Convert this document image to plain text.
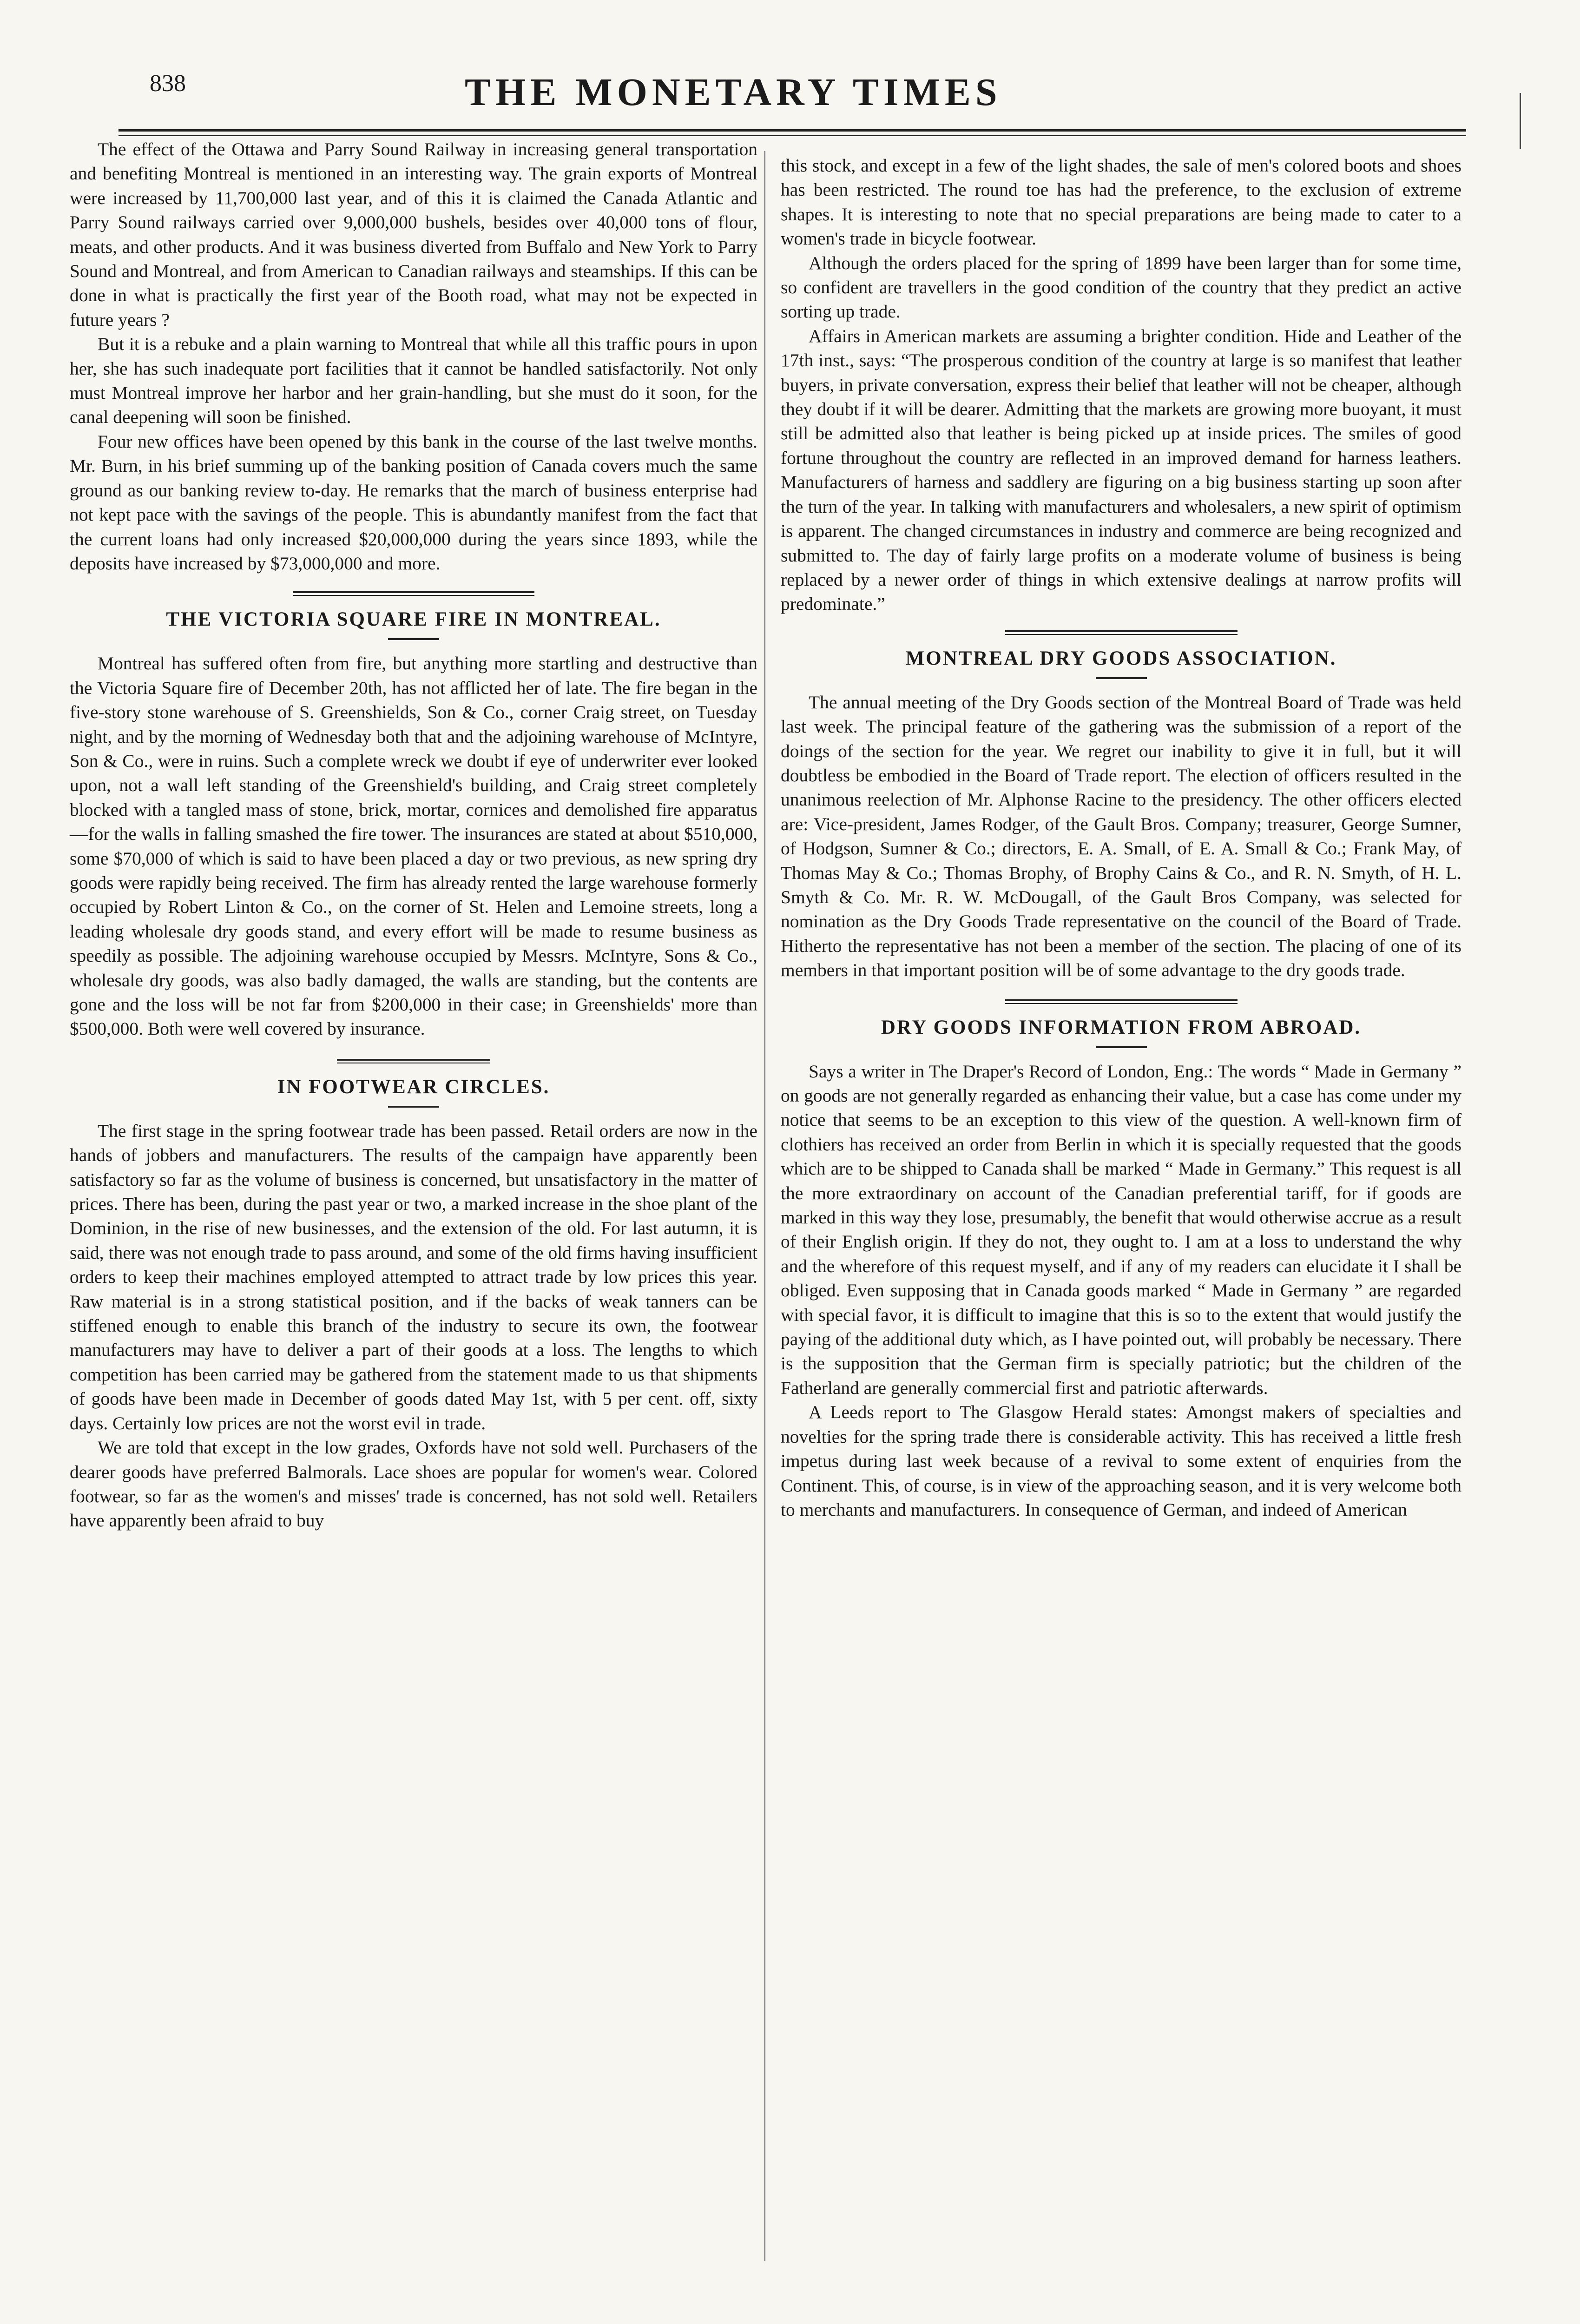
838	THE MONETARY TIMES

The effect of the Ottawa and Parry Sound Railway in increasing general transportation and benefiting Montreal is mentioned in an interesting way. The grain exports of Montreal were increased by 11,700,000 last year, and of this it is claimed the Canada Atlantic and Parry Sound railways carried over 9,000,000 bushels, besides over 40,000 tons of flour, meats, and other products. And it was business diverted from Buffalo and New York to Parry Sound and Montreal, and from American to Canadian railways and steamships. If this can be done in what is practically the first year of the Booth road, what may not be expected in future years ?

But it is a rebuke and a plain warning to Montreal that while all this traffic pours in upon her, she has such inadequate port facilities that it cannot be handled satisfactorily. Not only must Montreal improve her harbor and her grain-handling, but she must do it soon, for the canal deepening will soon be finished.

Four new offices have been opened by this bank in the course of the last twelve months. Mr. Burn, in his brief summing up of the banking position of Canada covers much the same ground as our banking review to-day. He remarks that the march of business enterprise had not kept pace with the savings of the people. This is abundantly manifest from the fact that the current loans had only increased $20,000,000 during the years since 1893, while the deposits have increased by $73,000,000 and more.

THE VICTORIA SQUARE FIRE IN MONTREAL.

Montreal has suffered often from fire, but anything more startling and destructive than the Victoria Square fire of December 20th, has not afflicted her of late. The fire began in the five-story stone warehouse of S. Greenshields, Son & Co., corner Craig street, on Tuesday night, and by the morning of Wednesday both that and the adjoining warehouse of McIntyre, Son & Co., were in ruins. Such a complete wreck we doubt if eye of underwriter ever looked upon, not a wall left standing of the Greenshield's building, and Craig street completely blocked with a tangled mass of stone, brick, mortar, cornices and demolished fire apparatus—for the walls in falling smashed the fire tower. The insurances are stated at about $510,000, some $70,000 of which is said to have been placed a day or two previous, as new spring dry goods were rapidly being received. The firm has already rented the large warehouse formerly occupied by Robert Linton & Co., on the corner of St. Helen and Lemoine streets, long a leading wholesale dry goods stand, and every effort will be made to resume business as speedily as possible. The adjoining warehouse occupied by Messrs. McIntyre, Sons & Co., wholesale dry goods, was also badly damaged, the walls are standing, but the contents are gone and the loss will be not far from $200,000 in their case; in Greenshields' more than $500,000. Both were well covered by insurance.

IN FOOTWEAR CIRCLES.

The first stage in the spring footwear trade has been passed. Retail orders are now in the hands of jobbers and manufacturers. The results of the campaign have apparently been satisfactory so far as the volume of business is concerned, but unsatisfactory in the matter of prices. There has been, during the past year or two, a marked increase in the shoe plant of the Dominion, in the rise of new businesses, and the extension of the old. For last autumn, it is said, there was not enough trade to pass around, and some of the old firms having insufficient orders to keep their machines employed attempted to attract trade by low prices this year. Raw material is in a strong statistical position, and if the backs of weak tanners can be stiffened enough to enable this branch of the industry to secure its own, the footwear manufacturers may have to deliver a part of their goods at a loss. The lengths to which competition has been carried may be gathered from the statement made to us that shipments of goods have been made in December of goods dated May 1st, with 5 per cent. off, sixty days. Certainly low prices are not the worst evil in trade.

We are told that except in the low grades, Oxfords have not sold well. Purchasers of the dearer goods have preferred Balmorals. Lace shoes are popular for women's wear. Colored footwear, so far as the women's and misses' trade is concerned, has not sold well. Retailers have apparently been afraid to buy

this stock, and except in a few of the light shades, the sale of men's colored boots and shoes has been restricted. The round toe has had the preference, to the exclusion of extreme shapes. It is interesting to note that no special preparations are being made to cater to a women's trade in bicycle footwear.

Although the orders placed for the spring of 1899 have been larger than for some time, so confident are travellers in the good condition of the country that they predict an active sorting up trade.

Affairs in American markets are assuming a brighter condition. Hide and Leather of the 17th inst., says: “The prosperous condition of the country at large is so manifest that leather buyers, in private conversation, express their belief that leather will not be cheaper, although they doubt if it will be dearer. Admitting that the markets are growing more buoyant, it must still be admitted also that leather is being picked up at inside prices. The smiles of good fortune throughout the country are reflected in an improved demand for harness leathers. Manufacturers of harness and saddlery are figuring on a big business starting up soon after the turn of the year. In talking with manufacturers and wholesalers, a new spirit of optimism is apparent. The changed circumstances in industry and commerce are being recognized and submitted to. The day of fairly large profits on a moderate volume of business is being replaced by a newer order of things in which extensive dealings at narrow profits will predominate.”

MONTREAL DRY GOODS ASSOCIATION.

The annual meeting of the Dry Goods section of the Montreal Board of Trade was held last week. The principal feature of the gathering was the submission of a report of the doings of the section for the year. We regret our inability to give it in full, but it will doubtless be embodied in the Board of Trade report. The election of officers resulted in the unanimous reelection of Mr. Alphonse Racine to the presidency. The other officers elected are: Vice-president, James Rodger, of the Gault Bros. Company; treasurer, George Sumner, of Hodgson, Sumner & Co.; directors, E. A. Small, of E. A. Small & Co.; Frank May, of Thomas May & Co.; Thomas Brophy, of Brophy Cains & Co., and R. N. Smyth, of H. L. Smyth & Co. Mr. R. W. McDougall, of the Gault Bros Company, was selected for nomination as the Dry Goods Trade representative on the council of the Board of Trade. Hitherto the representative has not been a member of the section. The placing of one of its members in that important position will be of some advantage to the dry goods trade.

DRY GOODS INFORMATION FROM ABROAD.

Says a writer in The Draper's Record of London, Eng.: The words “ Made in Germany ” on goods are not generally regarded as enhancing their value, but a case has come under my notice that seems to be an exception to this view of the question. A well-known firm of clothiers has received an order from Berlin in which it is specially requested that the goods which are to be shipped to Canada shall be marked “ Made in Germany.” This request is all the more extraordinary on account of the Canadian preferential tariff, for if goods are marked in this way they lose, presumably, the benefit that would otherwise accrue as a result of their English origin. If they do not, they ought to. I am at a loss to understand the why and the wherefore of this request myself, and if any of my readers can elucidate it I shall be obliged. Even supposing that in Canada goods marked “ Made in Germany ” are regarded with special favor, it is difficult to imagine that this is so to the extent that would justify the paying of the additional duty which, as I have pointed out, will probably be necessary. There is the supposition that the German firm is specially patriotic; but the children of the Fatherland are generally commercial first and patriotic afterwards.

A Leeds report to The Glasgow Herald states: Amongst makers of specialties and novelties for the spring trade there is considerable activity. This has received a little fresh impetus during last week because of a revival to some extent of enquiries from the Continent. This, of course, is in view of the approaching season, and it is very welcome both to merchants and manufacturers. In consequence of German, and indeed of American
